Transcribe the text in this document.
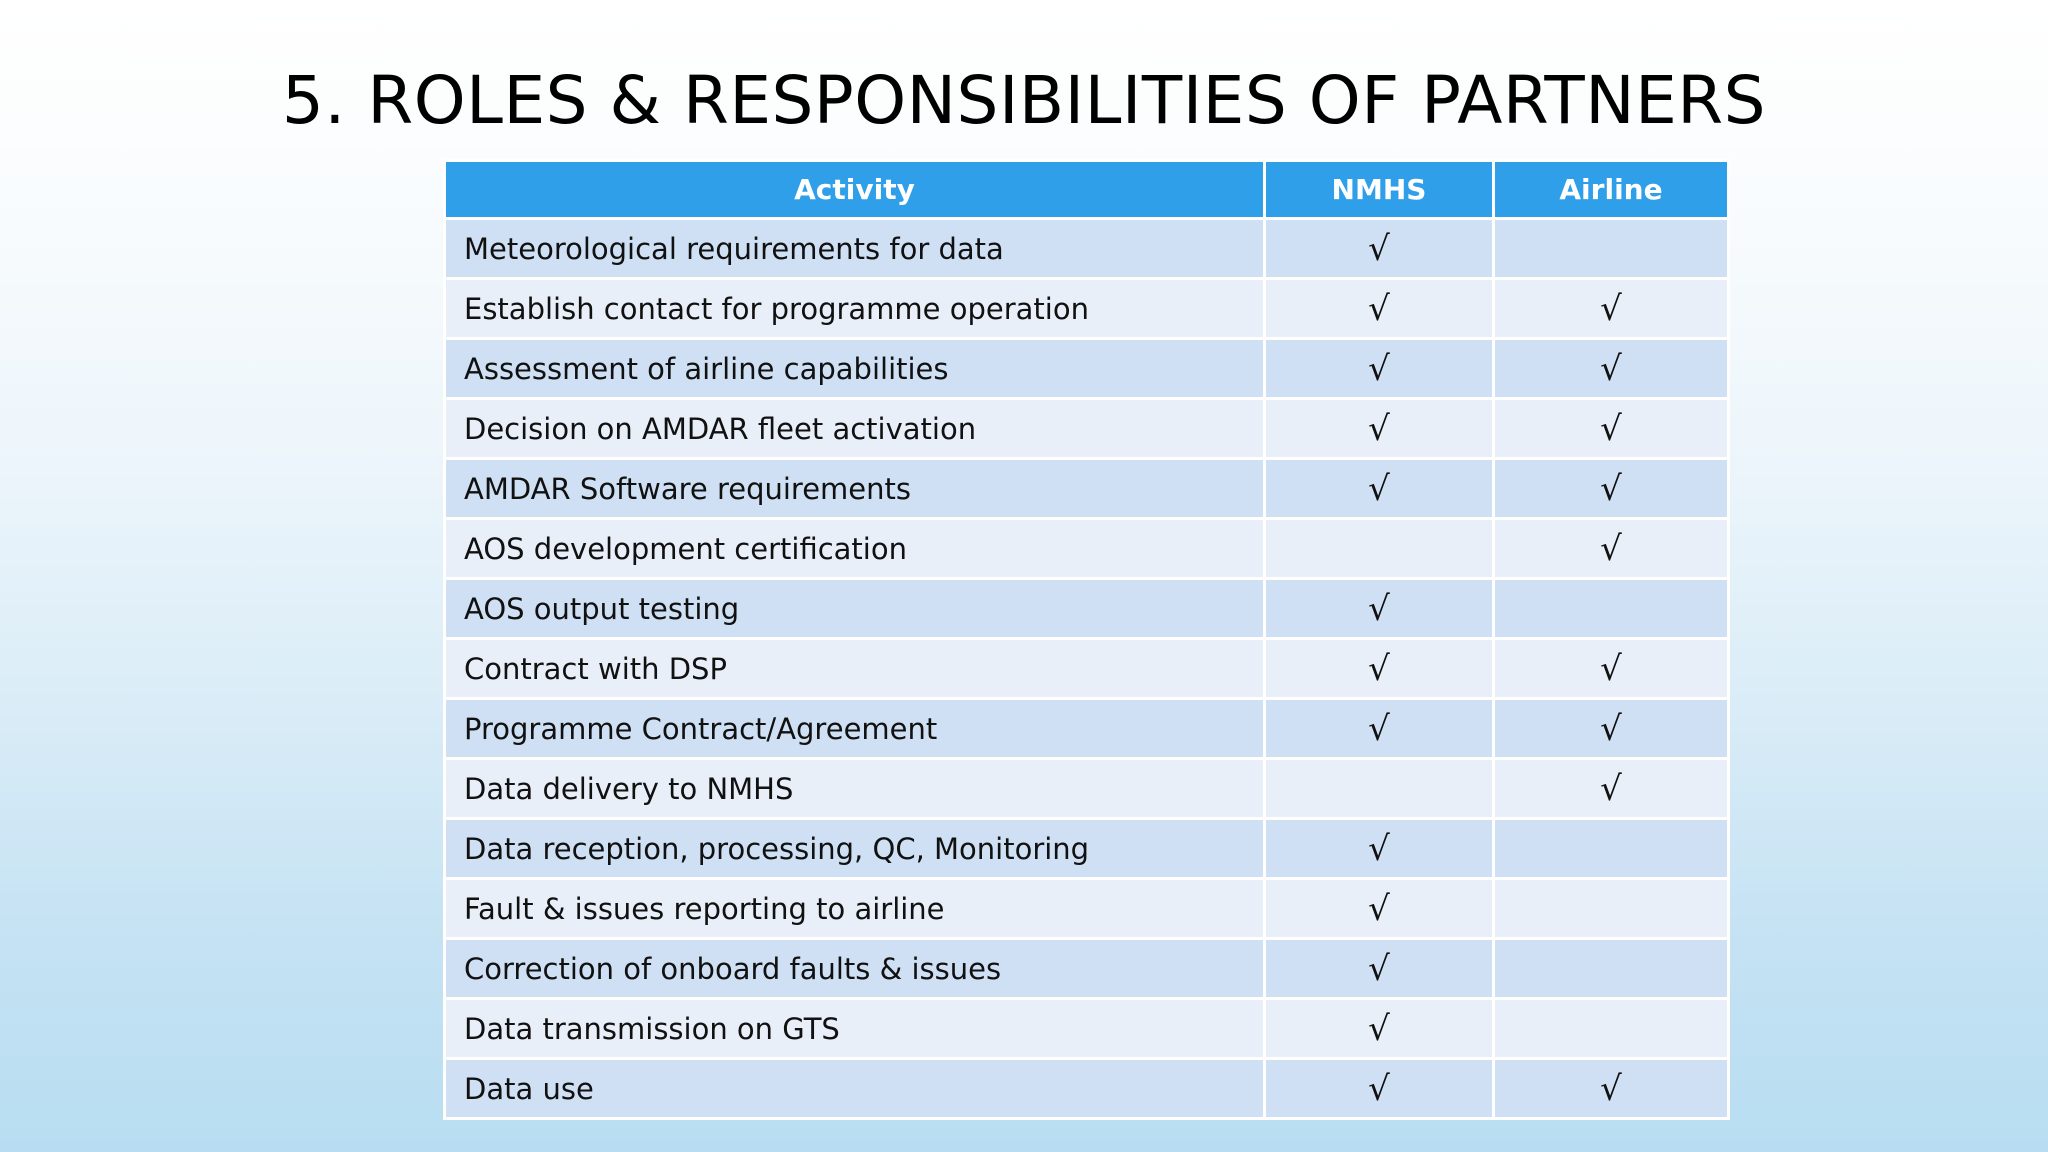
5. ROLES & RESPONSIBILITIES OF PARTNERS
Activity	NMHS	Airline
Meteorological requirements for data	√	
Establish contact for programme operation	√	√
Assessment of airline capabilities	√	√
Decision on AMDAR fleet activation	√	√
AMDAR Software requirements	√	√
AOS development certification		√
AOS output testing	√	
Contract with DSP	√	√
Programme Contract/Agreement	√	√
Data delivery to NMHS		√
Data reception, processing, QC, Monitoring	√	
Fault & issues reporting to airline	√	
Correction of onboard faults & issues	√	
Data transmission on GTS	√	
Data use	√	√
